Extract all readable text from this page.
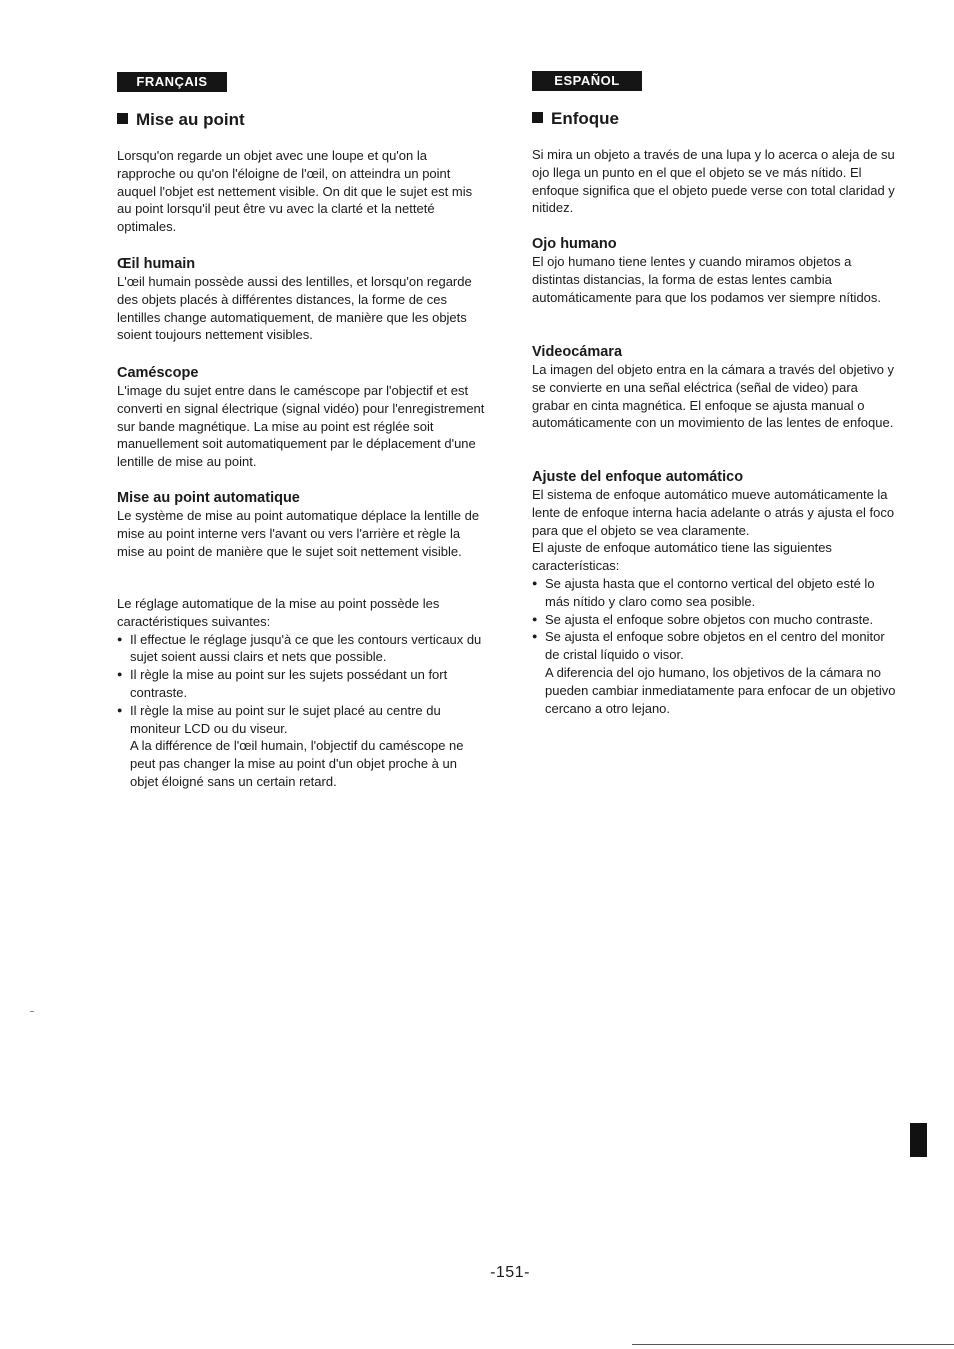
FRANÇAIS
Mise au point

Lorsqu'on regarde un objet avec une loupe et qu'on la rapproche ou qu'on l'éloigne de l'œil, on atteindra un point auquel l'objet est nettement visible. On dit que le sujet est mis au point lorsqu'il peut être vu avec la clarté et la netteté optimales.

Œil humain

L'œil humain possède aussi des lentilles, et lorsqu'on regarde des objets placés à différentes distances, la forme de ces lentilles change automatiquement, de manière que les objets soient toujours nettement visibles.

Caméscope

L'image du sujet entre dans le caméscope par l'objectif et est converti en signal électrique (signal vidéo) pour l'enregistrement sur bande magnétique. La mise au point est réglée soit manuellement soit automatiquement par le déplacement d'une lentille de mise au point.

Mise au point automatique

Le système de mise au point automatique déplace la lentille de mise au point interne vers l'avant ou vers l'arrière et règle la mise au point de manière que le sujet soit nettement visible.

Le réglage automatique de la mise au point possède les caractéristiques suivantes:

● Il effectue le réglage jusqu'à ce que les contours verticaux du sujet soient aussi clairs et nets que possible.
● Il règle la mise au point sur les sujets possédant un fort contraste.
● Il règle la mise au point sur le sujet placé au centre du moniteur LCD ou du viseur.

A la différence de l'œil humain, l'objectif du caméscope ne peut pas changer la mise au point d'un objet proche à un objet éloigné sans un certain retard.

ESPAÑOL
Enfoque

Si mira un objeto a través de una lupa y lo acerca o aleja de su ojo llega un punto en el que el objeto se ve más nítido. El enfoque significa que el objeto puede verse con total claridad y nitidez.

Ojo humano

El ojo humano tiene lentes y cuando miramos objetos a distintas distancias, la forma de estas lentes cambia automáticamente para que los podamos ver siempre nítidos.

Videocámara

La imagen del objeto entra en la cámara a través del objetivo y se convierte en una señal eléctrica (señal de video) para grabar en cinta magnética. El enfoque se ajusta manual o automáticamente con un movimiento de las lentes de enfoque.

Ajuste del enfoque automático

El sistema de enfoque automático mueve automáticamente la lente de enfoque interna hacia adelante o atrás y ajusta el foco para que el objeto se vea claramente.

El ajuste de enfoque automático tiene las siguientes características:

● Se ajusta hasta que el contorno vertical del objeto esté lo más nítido y claro como sea posible.
● Se ajusta el enfoque sobre objetos con mucho contraste.
● Se ajusta el enfoque sobre objetos en el centro del monitor de cristal líquido o visor.

A diferencia del ojo humano, los objetivos de la cámara no pueden cambiar inmediatamente para enfocar de un objetivo cercano a otro lejano.

-151-
